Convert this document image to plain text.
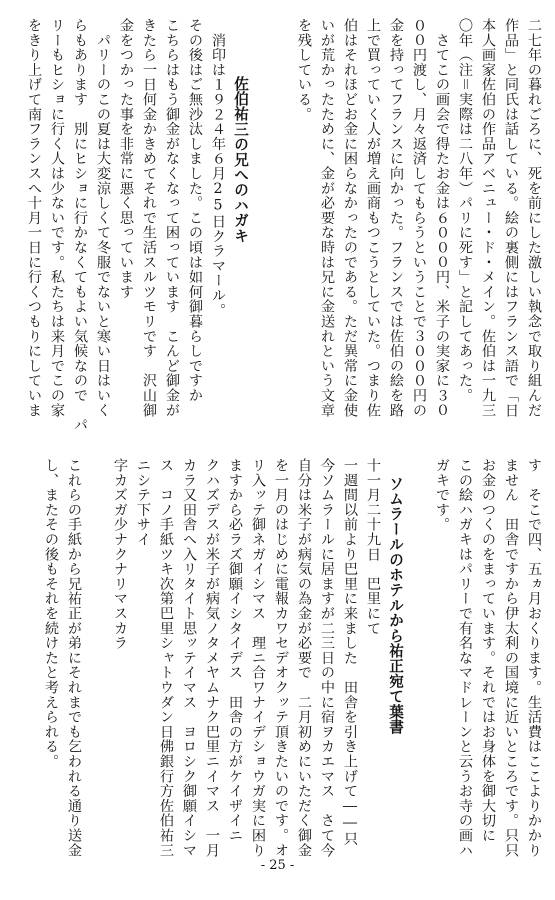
二七年の暮れごろに、死を前にした激しい執念で取り組んだ
作品」と同氏は話している。絵の裏側にはフランス語で「日
本人画家佐伯の作品アベニュー・ド・メイン。佐伯は一九三
〇年（注＝実際は二八年）パリに死す」と記してあった。
　さてこの画会で得たお金は６０００円、米子の実家に３０
００円渡し、月々返済してもらうということで３０００円の
金を持ってフランスに向かった。フランスでは佐伯の絵を路
上で買っていく人が増え画商もつこうとしていた。つまり佐
伯はそれほどお金に困らなかったのである。ただ異常に金使
いが荒かったために、金が必要な時は兄に金送れという文章
を残している。
佐伯祐三の兄へのハガキ
　消印は１９２４年６月25日クラマール。
その後はご無沙汰しました。この頃は如何御暮らしですか
こちらはもう御金がなくなって困っています　こんど御金が
きたら一日何金かきめてそれで生活スルツモリです　沢山御
金をつかった事を非常に悪く思っています
　パリーのこの夏は大変涼しくて冬服でないと寒い日はいく
らもあります　別にヒショに行かなくてもよい気候なので　パ
リーもヒショに行く人は少ないです。私たちは来月でこの家
をきり上げて南フランスへ十月一日に行くつもりにしていま
す　そこで四、五ヵ月おくります。生活費はここよりかかり
ません　田舎ですから伊太利の国境に近いところです。只只
お金のつくのをまっています。それではお身体を御大切に
この絵ハガキはパリーで有名なマドレーンと云うお寺の画ハ
ガキです。
ソムラールのホテルから祐正宛て葉書
十一月二十九日　巴里にて
一週間以前より巴里に来ました　田舎を引き上げて――只
今ソムラールに居ますが二三日の中に宿ヲカエマス　さて今
自分は米子が病気の為金が必要で　二月初めにいただく御金
を一月のはじめに電報カワセデオクッテ頂きたいのです。オ
リ入ッテ御ネガイシマス　理ニ合ワナイデショウガ実に困り
ますから必ラズ御願イシタイデス　田舎の方がケイザイニ
クハズデスが米子が病気ノタメヤムナク巴里ニイマス　一月
カラ又田舎へ入リタイト思ッテイマス　ヨロシク御願イシマ
ス　コノ手紙ツキ次第巴里シャトウダン日佛銀行方佐伯祐三
ニシテ下サイ
字カズガ少ナクナリマスカラ
これらの手紙から兄祐正が弟にそれまでも乞われる通り送金
し、またその後もそれを続けたと考えられる。
- 25 -
